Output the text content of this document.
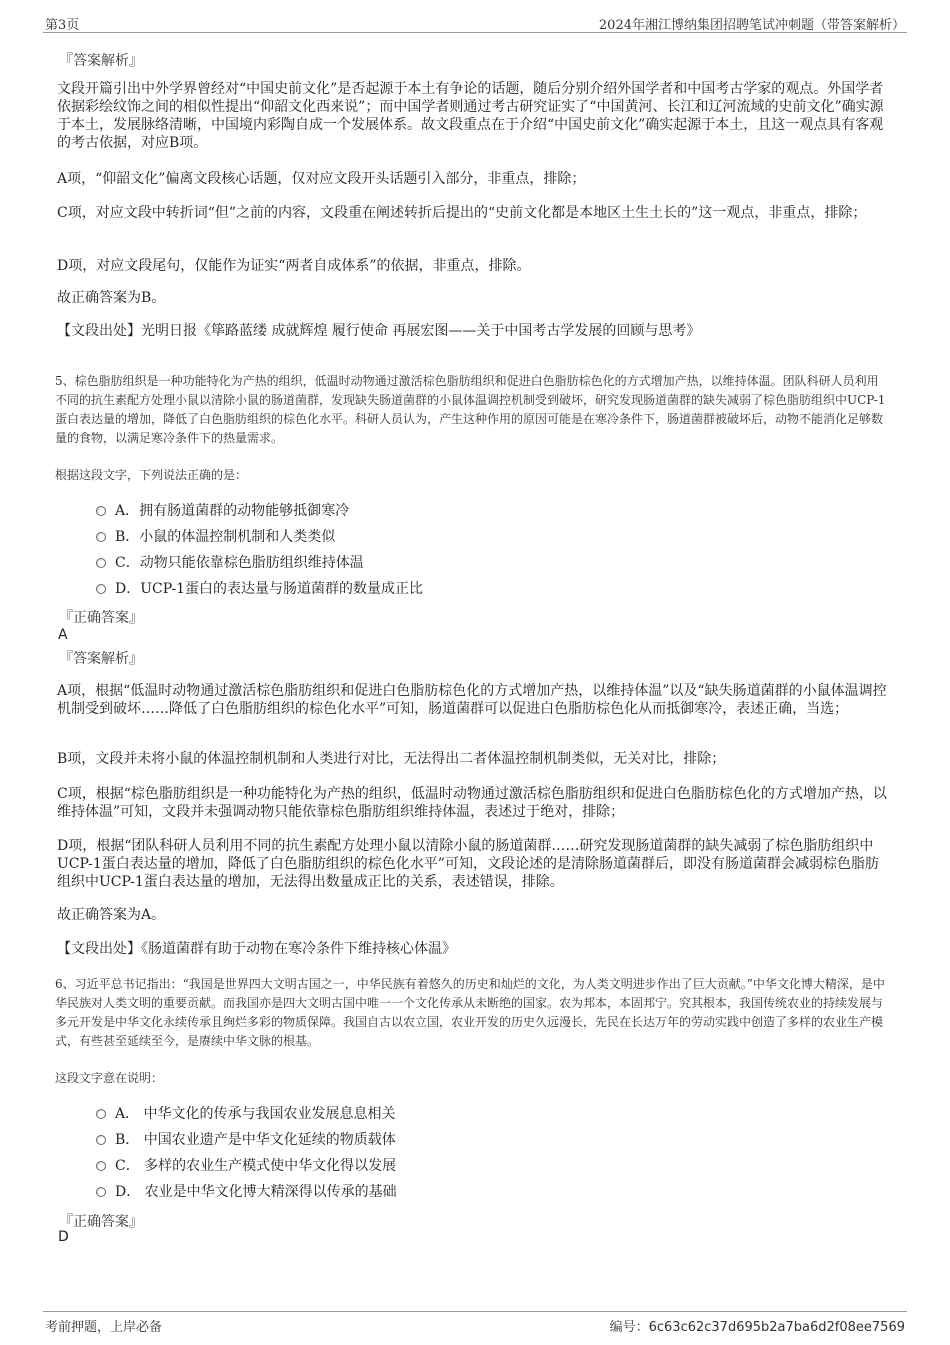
第3页	2024年湘江博纳集团招聘笔试冲刺题（带答案解析）
『答案解析』
文段开篇引出中外学界曾经对“中国史前文化”是否起源于本土有争论的话题，随后分别介绍外国学者和中国考古学家的观点。外国学者依据彩绘纹饰之间的相似性提出“仰韶文化西来说”；而中国学者则通过考古研究证实了“中国黄河、长江和辽河流域的史前文化”确实源于本土，发展脉络清晰，中国境内彩陶自成一个发展体系。故文段重点在于介绍“中国史前文化”确实起源于本土，且这一观点具有客观的考古依据，对应B项。
A项，“仰韶文化”偏离文段核心话题，仅对应文段开头话题引入部分，非重点，排除；
C项，对应文段中转折词“但”之前的内容，文段重在阐述转折后提出的“史前文化都是本地区土生土长的”这一观点，非重点，排除；
D项，对应文段尾句，仅能作为证实“两者自成体系”的依据，非重点，排除。
故正确答案为B。
【文段出处】光明日报《筚路蓝缕 成就辉煌 履行使命 再展宏图——关于中国考古学发展的回顾与思考》
5、棕色脂肪组织是一种功能特化为产热的组织，低温时动物通过激活棕色脂肪组织和促进白色脂肪棕色化的方式增加产热，以维持体温。团队科研人员利用不同的抗生素配方处理小鼠以清除小鼠的肠道菌群，发现缺失肠道菌群的小鼠体温调控机制受到破坏，研究发现肠道菌群的缺失减弱了棕色脂肪组织中UCP-1蛋白表达量的增加，降低了白色脂肪组织的棕色化水平。科研人员认为，产生这种作用的原因可能是在寒冷条件下，肠道菌群被破坏后，动物不能消化足够数量的食物，以满足寒冷条件下的热量需求。
根据这段文字，下列说法正确的是：
A．拥有肠道菌群的动物能够抵御寒冷
B．小鼠的体温控制机制和人类类似
C．动物只能依靠棕色脂肪组织维持体温
D．UCP-1蛋白的表达量与肠道菌群的数量成正比
『正确答案』
A
『答案解析』
A项，根据“低温时动物通过激活棕色脂肪组织和促进白色脂肪棕色化的方式增加产热，以维持体温”以及“缺失肠道菌群的小鼠体温调控机制受到破坏……降低了白色脂肪组织的棕色化水平”可知，肠道菌群可以促进白色脂肪棕色化从而抵御寒冷，表述正确，当选；
B项，文段并未将小鼠的体温控制机制和人类进行对比，无法得出二者体温控制机制类似，无关对比，排除；
C项，根据“棕色脂肪组织是一种功能特化为产热的组织，低温时动物通过激活棕色脂肪组织和促进白色脂肪棕色化的方式增加产热，以维持体温”可知，文段并未强调动物只能依靠棕色脂肪组织维持体温，表述过于绝对，排除；
D项，根据“团队科研人员利用不同的抗生素配方处理小鼠以清除小鼠的肠道菌群……研究发现肠道菌群的缺失减弱了棕色脂肪组织中UCP-1蛋白表达量的增加，降低了白色脂肪组织的棕色化水平”可知，文段论述的是清除肠道菌群后，即没有肠道菌群会减弱棕色脂肪组织中UCP-1蛋白表达量的增加，无法得出数量成正比的关系，表述错误，排除。
故正确答案为A。
【文段出处】《肠道菌群有助于动物在寒冷条件下维持核心体温》
6、习近平总书记指出：“我国是世界四大文明古国之一，中华民族有着悠久的历史和灿烂的文化，为人类文明进步作出了巨大贡献。”中华文化博大精深，是中华民族对人类文明的重要贡献。而我国亦是四大文明古国中唯一一个文化传承从未断绝的国家。农为邦本，本固邦宁。究其根本，我国传统农业的持续发展与多元开发是中华文化永续传承且绚烂多彩的物质保障。我国自古以农立国，农业开发的历史久远漫长，先民在长达万年的劳动实践中创造了多样的农业生产模式，有些甚至延续至今，是赓续中华文脉的根基。
这段文字意在说明：
A． 中华文化的传承与我国农业发展息息相关
B． 中国农业遗产是中华文化延续的物质载体
C． 多样的农业生产模式使中华文化得以发展
D． 农业是中华文化博大精深得以传承的基础
『正确答案』
D
考前押题，上岸必备	编号：6c63c62c37d695b2a7ba6d2f08ee7569
